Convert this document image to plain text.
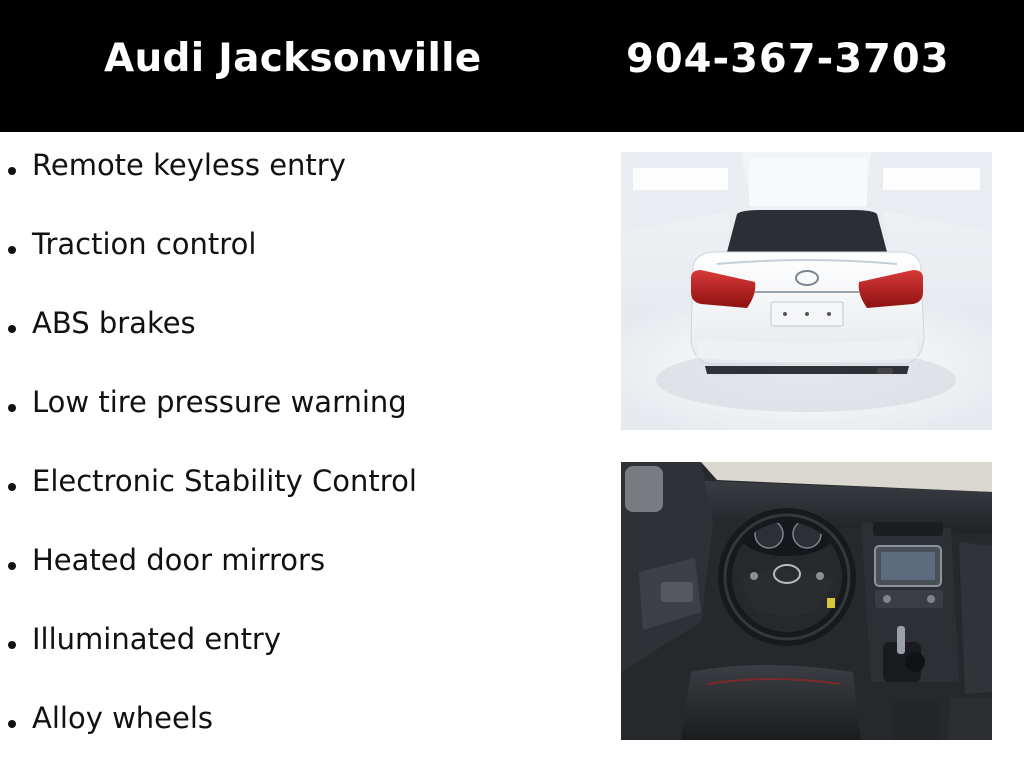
Audi Jacksonville	904-367-3703
Remote keyless entry
Traction control
ABS brakes
Low tire pressure warning
Electronic Stability Control
Heated door mirrors
Illuminated entry
Alloy wheels
